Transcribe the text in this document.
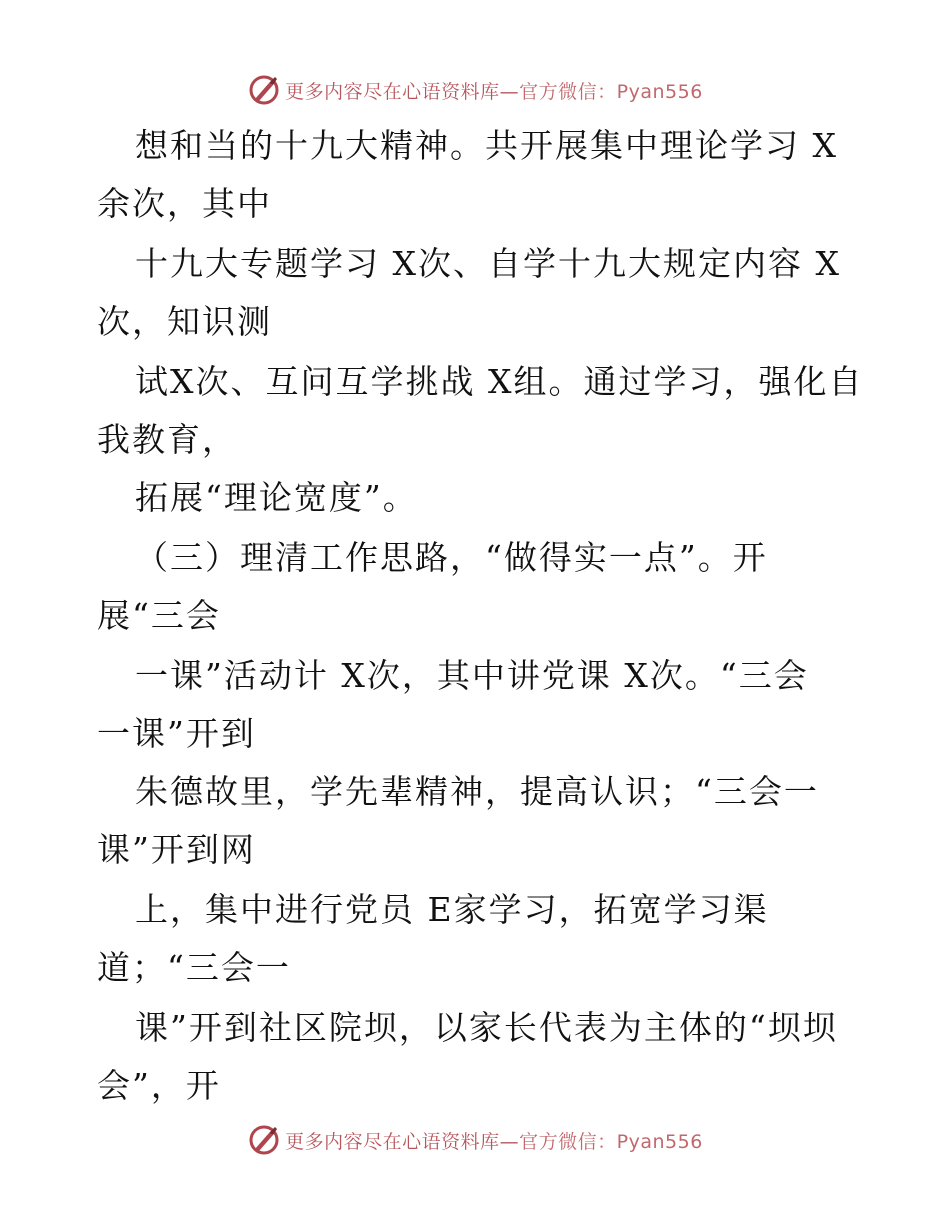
更多内容尽在心语资料库—官方微信：Pyan556
想和当的十九大精神。共开展集中理论学习 X
余次，其中
十九大专题学习 X次、自学十九大规定内容 X
次，知识测
试X次、互问互学挑战 X组。通过学习，强化自
我教育，
拓展“理论宽度”。
（三）理清工作思路，“做得实一点”。开
展“三会
一课”活动计 X次，其中讲党课 X次。“三会
一课”开到
朱德故里，学先辈精神，提高认识；“三会一
课”开到网
上，集中进行党员 E家学习，拓宽学习渠
道；“三会一
课”开到社区院坝，以家长代表为主体的“坝坝
会”，开
更多内容尽在心语资料库—官方微信：Pyan556
